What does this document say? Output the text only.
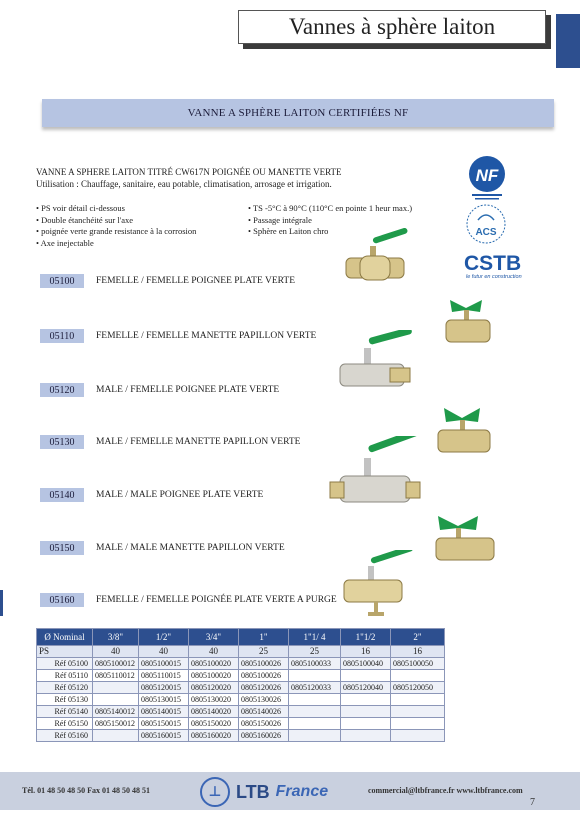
Vannes à sphère laiton
VANNE A SPHÈRE LAITON CERTIFIÉES NF
VANNE A SPHERE LAITON TITRÉ CW617N POIGNÉE OU MANETTE VERTE
Utilisation : Chauffage, sanitaire, eau potable, climatisation, arrosage et irrigation.
• PS voir détail ci-dessous
• Double étanchéité sur l'axe
• poignée verte grande resistance à la corrosion
• Axe inejectable
• TS -5°C à 90°C (110°C en pointe 1 heur max.)
• Passage intégrale
• Sphère en Laiton chro
NF
ACS
CSTB
le futur en construction
05100	FEMELLE / FEMELLE POIGNEE PLATE VERTE
05110	FEMELLE / FEMELLE MANETTE PAPILLON VERTE
05120	MALE / FEMELLE POIGNEE PLATE VERTE
05130	MALE / FEMELLE MANETTE PAPILLON VERTE
05140	MALE / MALE POIGNEE PLATE VERTE
05150	MALE / MALE MANETTE PAPILLON VERTE
05160	FEMELLE / FEMELLE POIGNÉE PLATE VERTE A PURGE
Ø Nominal	3/8"	1/2"	3/4"	1"	1"1/ 4	1"1/2	2"
PS	40	40	40	25	25	16	16
Réf 05100	0805100012	0805100015	0805100020	0805100026	0805100033	0805100040	0805100050
Réf 05110	0805110012	0805110015	0805100020	0805100026			
Réf 05120		0805120015	0805120020	0805120026	0805120033	0805120040	0805120050
Réf 05130		0805130015	0805130020	0805130026			
Réf 05140	0805140012	0805140015	0805140020	0805140026			
Réf 05150	0805150012	0805150015	0805150020	0805150026			
Réf 05160		0805160015	0805160020	0805160026			
Tél. 01 48 50 48 50 Fax 01 48 50 48 51	⊥ LTB France	commercial@ltbfrance.fr www.ltbfrance.com
7
